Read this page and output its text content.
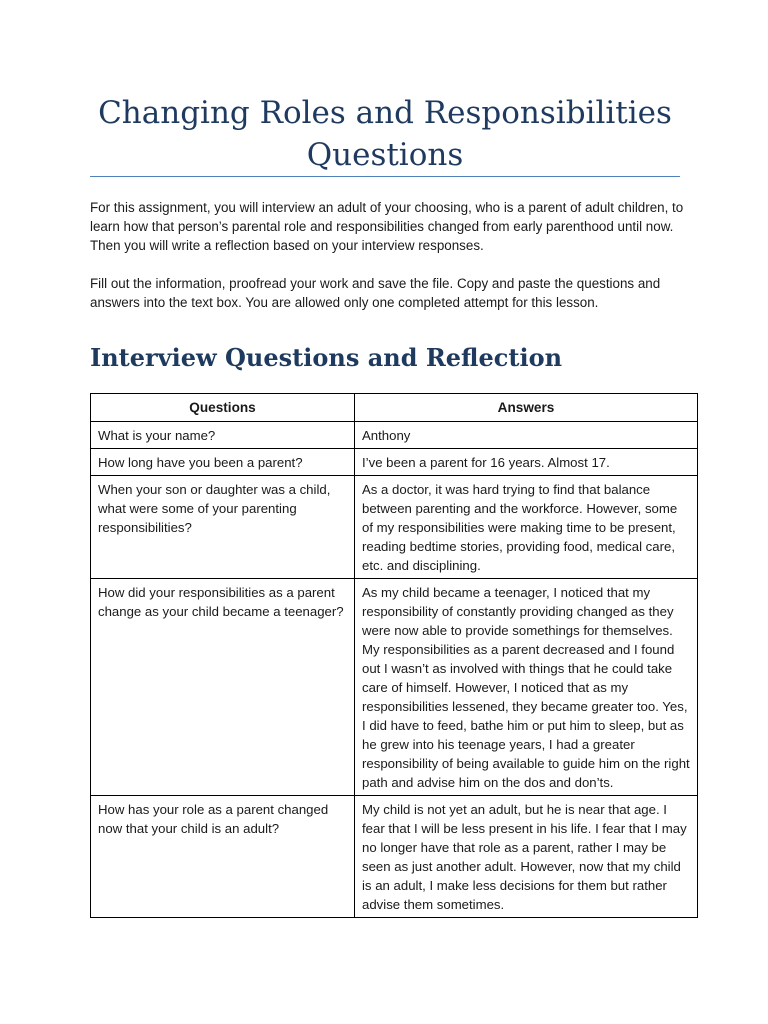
Changing Roles and Responsibilities
Questions

For this assignment, you will interview an adult of your choosing, who is a parent of adult children, to learn how that person’s parental role and responsibilities changed from early parenthood until now. Then you will write a reflection based on your interview responses.

Fill out the information, proofread your work and save the file. Copy and paste the questions and answers into the text box. You are allowed only one completed attempt for this lesson.

Interview Questions and Reflection
Questions	Answers
What is your name?	Anthony
How long have you been a parent?	I’ve been a parent for 16 years. Almost 17.
When your son or daughter was a child, what were some of your parenting responsibilities?	As a doctor, it was hard trying to find that balance between parenting and the workforce. However, some of my responsibilities were making time to be present, reading bedtime stories, providing food, medical care, etc. and disciplining.
How did your responsibilities as a parent change as your child became a teenager?	As my child became a teenager, I noticed that my responsibility of constantly providing changed as they were now able to provide somethings for themselves. My responsibilities as a parent decreased and I found out I wasn’t as involved with things that he could take care of himself. However, I noticed that as my responsibilities lessened, they became greater too. Yes, I did have to feed, bathe him or put him to sleep, but as he grew into his teenage years, I had a greater responsibility of being available to guide him on the right path and advise him on the dos and don’ts.
How has your role as a parent changed now that your child is an adult?	My child is not yet an adult, but he is near that age. I fear that I will be less present in his life. I fear that I may no longer have that role as a parent, rather I may be seen as just another adult. However, now that my child is an adult, I make less decisions for them but rather advise them sometimes.
